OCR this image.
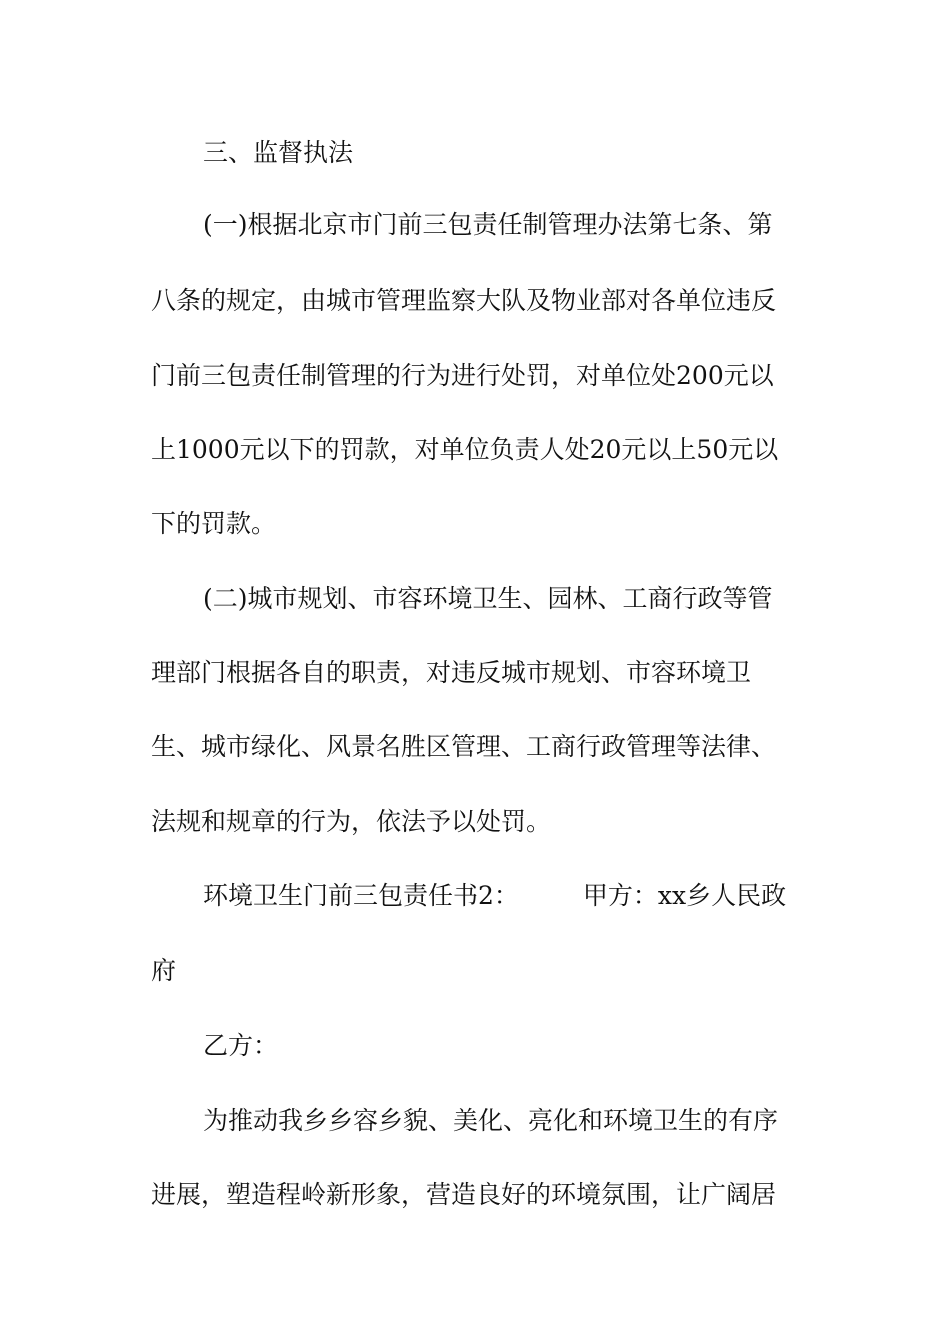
三、监督执法
(一)根据北京市门前三包责任制管理办法第七条、第
八条的规定，由城市管理监察大队及物业部对各单位违反
门前三包责任制管理的行为进行处罚，对单位处200元以
上1000元以下的罚款，对单位负责人处20元以上50元以
下的罚款。
(二)城市规划、市容环境卫生、园林、工商行政等管
理部门根据各自的职责，对违反城市规划、市容环境卫
生、城市绿化、风景名胜区管理、工商行政管理等法律、
法规和规章的行为，依法予以处罚。
环境卫生门前三包责任书2：	甲方：xx乡人民政
府
乙方：
为推动我乡乡容乡貌、美化、亮化和环境卫生的有序
进展，塑造程岭新形象，营造良好的环境氛围，让广阔居
